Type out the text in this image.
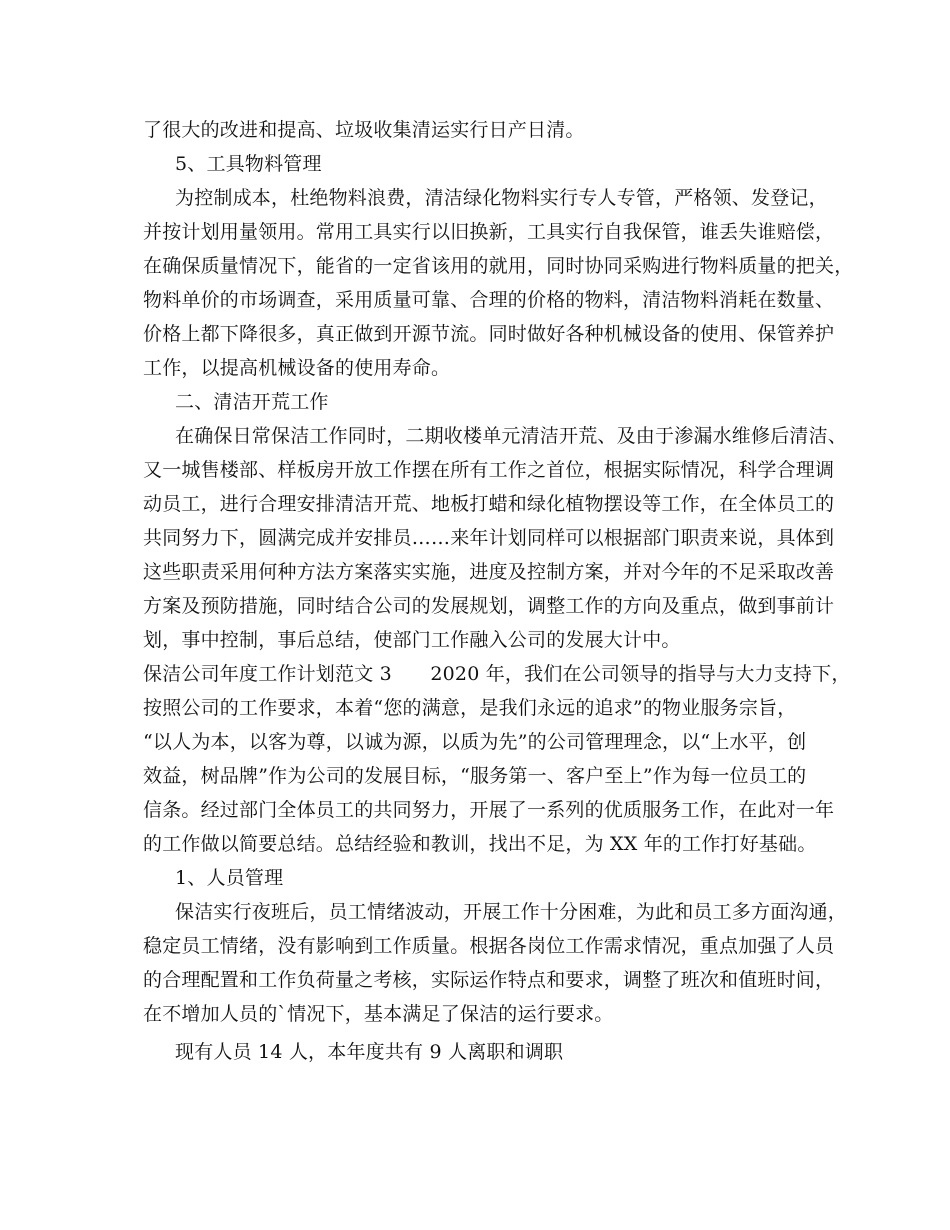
了很大的改进和提高、垃圾收集清运实行日产日清。
5、工具物料管理
为控制成本，杜绝物料浪费，清洁绿化物料实行专人专管，严格领、发登记，
并按计划用量领用。常用工具实行以旧换新，工具实行自我保管，谁丢失谁赔偿，
在确保质量情况下，能省的一定省该用的就用，同时协同采购进行物料质量的把关，
物料单价的市场调查，采用质量可靠、合理的价格的物料，清洁物料消耗在数量、
价格上都下降很多，真正做到开源节流。同时做好各种机械设备的使用、保管养护
工作，以提高机械设备的使用寿命。
二、清洁开荒工作
在确保日常保洁工作同时，二期收楼单元清洁开荒、及由于渗漏水维修后清洁、
又一城售楼部、样板房开放工作摆在所有工作之首位，根据实际情况，科学合理调
动员工，进行合理安排清洁开荒、地板打蜡和绿化植物摆设等工作，在全体员工的
共同努力下，圆满完成并安排员……来年计划同样可以根据部门职责来说，具体到
这些职责采用何种方法方案落实实施，进度及控制方案，并对今年的不足采取改善
方案及预防措施，同时结合公司的发展规划，调整工作的方向及重点，做到事前计
划，事中控制，事后总结，使部门工作融入公司的发展大计中。
保洁公司年度工作计划范文 3　　2020 年，我们在公司领导的指导与大力支持下，
按照公司的工作要求，本着“您的满意，是我们永远的追求”的物业服务宗旨，
“以人为本，以客为尊，以诚为源，以质为先”的公司管理理念，以“上水平，创
效益，树品牌”作为公司的发展目标，“服务第一、客户至上”作为每一位员工的
信条。经过部门全体员工的共同努力，开展了一系列的优质服务工作，在此对一年
的工作做以简要总结。总结经验和教训，找出不足，为 XX 年的工作打好基础。
1、人员管理
保洁实行夜班后，员工情绪波动，开展工作十分困难，为此和员工多方面沟通，
稳定员工情绪，没有影响到工作质量。根据各岗位工作需求情况，重点加强了人员
的合理配置和工作负荷量之考核，实际运作特点和要求，调整了班次和值班时间，
在不增加人员的`情况下，基本满足了保洁的运行要求。
现有人员 14 人，本年度共有 9 人离职和调职
